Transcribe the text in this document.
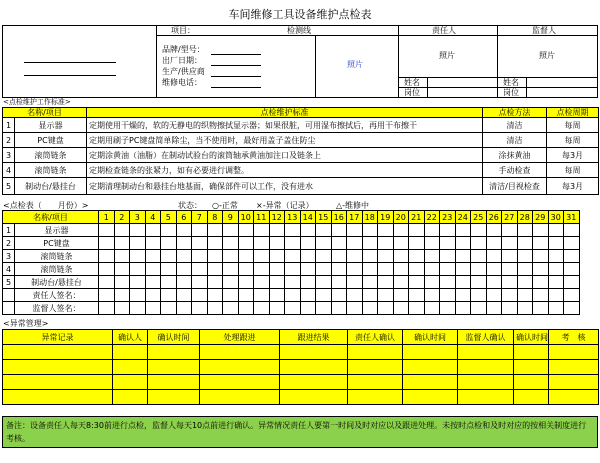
车间维修工具设备维护点检表
项目：	检测线
品牌/型号：
出厂日期：
生产/供应商
维修电话：
照片
责任人	监督人
照片	照片
姓名
岗位
姓名
岗位
<点检维护工作标准>
名称/项目		点检维护标准	点检方法	点检周期
1	显示器	定期使用干燥的，软的无静电的织物擦拭显示器；如果很脏，可用湿布擦拭后，再用干布擦干	清洁	每周
2	PC键盘	定期用刷子PC键盘简单除尘，当不使用时，最好用盖子盖住防尘	清洁	每周
3	滚筒链条	定期涂黄油（油脂）在制动试验台的滚筒轴承黄油加注口及链条上	涂抹黄油	每3月
4	滚筒链条	定期检查链条的张紧力，如有必要进行调整。	手动检查	每周
5	制动台/悬挂台	定期清理制动台和悬挂台地基面，确保部件可以工作，没有进水	清洁/目视检查	每3月
<点检表（　　月份）>	状态： ○-正常 ×-异常（记录）	△-维修中
名称/项目		1	2	3	4	5	6	7	8	9	10	11	12	13	14	15	16	17	18	19	20	21	22	23	24	25	26	27	28	29	30	31
1	显示器																															
2	PC键盘																															
3	滚筒链条																															
4	滚筒链条																															
5	制动台/悬挂台																															
	责任人签名：																															
	监督人签名：																															
<异常管理>
异常记录	确认人	确认时间	处理跟进	跟进结果	责任人确认	确认时间	监督人确认	确认时间	考　核

备注：设备责任人每天8:30前进行点检，监督人每天10点前进行确认。异常情况责任人要第一时间及时对应以及跟进处理。未按时点检和及时对应的按相关制度进行考核。
